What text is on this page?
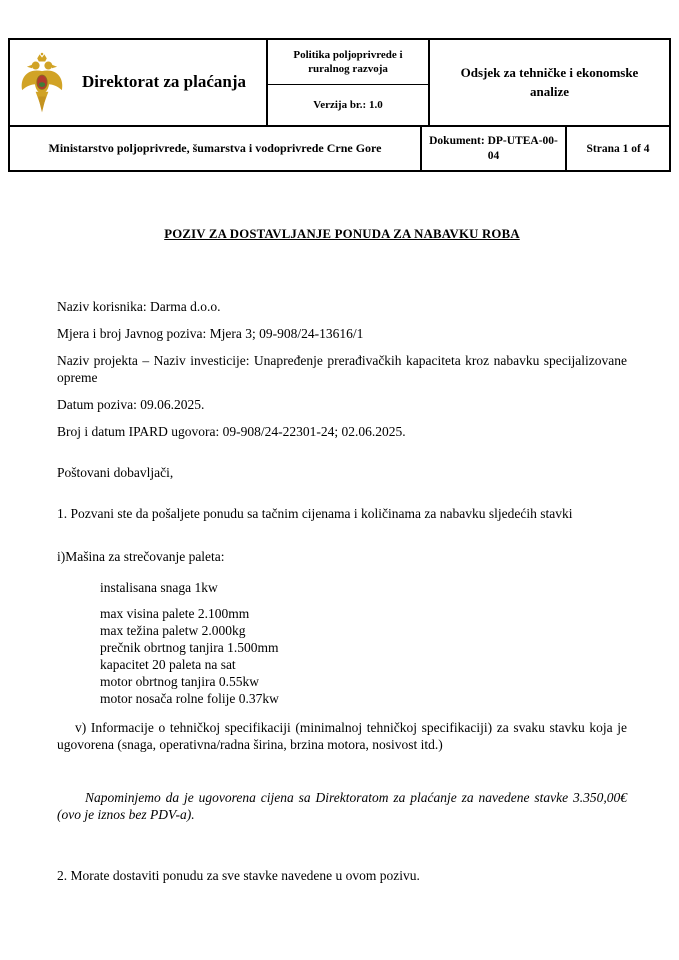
Direktorat za plaćanja
Politika poljoprivrede i ruralnog razvoja
Verzija br.: 1.0
Odsjek za tehničke i ekonomske analize
Ministarstvo poljoprivrede, šumarstva i vodoprivrede Crne Gore
Dokument: DP-UTEA-00-04
Strana 1 of 4
POZIV ZA DOSTAVLJANJE PONUDA ZA NABAVKU ROBA

Naziv korisnika: Darma d.o.o.

Mjera i broj Javnog poziva: Mjera 3; 09-908/24-13616/1

Naziv projekta – Naziv investicije: Unapređenje prerađivačkih kapaciteta kroz nabavku specijalizovane opreme

Datum poziva: 09.06.2025.

Broj i datum IPARD ugovora: 09-908/24-22301-24; 02.06.2025.

Poštovani dobavljači,

1. Pozvani ste da pošaljete ponudu sa tačnim cijenama i količinama za nabavku sljedećih stavki

i)Mašina za strečovanje paleta:

instalisana snaga 1kw

max visina palete 2.100mm
max težina paletw 2.000kg
prečnik obrtnog tanjira 1.500mm
kapacitet 20 paleta na sat
motor obrtnog tanjira 0.55kw
motor nosača rolne folije 0.37kw

v) Informacije o tehničkoj specifikaciji (minimalnoj tehničkoj specifikaciji) za svaku stavku koja je ugovorena (snaga, operativna/radna širina, brzina motora, nosivost itd.)

Napominjemo da je ugovorena cijena sa Direktoratom za plaćanje za navedene stavke 3.350,00€ (ovo je iznos bez PDV-a).

2. Morate dostaviti ponudu za sve stavke navedene u ovom pozivu.
